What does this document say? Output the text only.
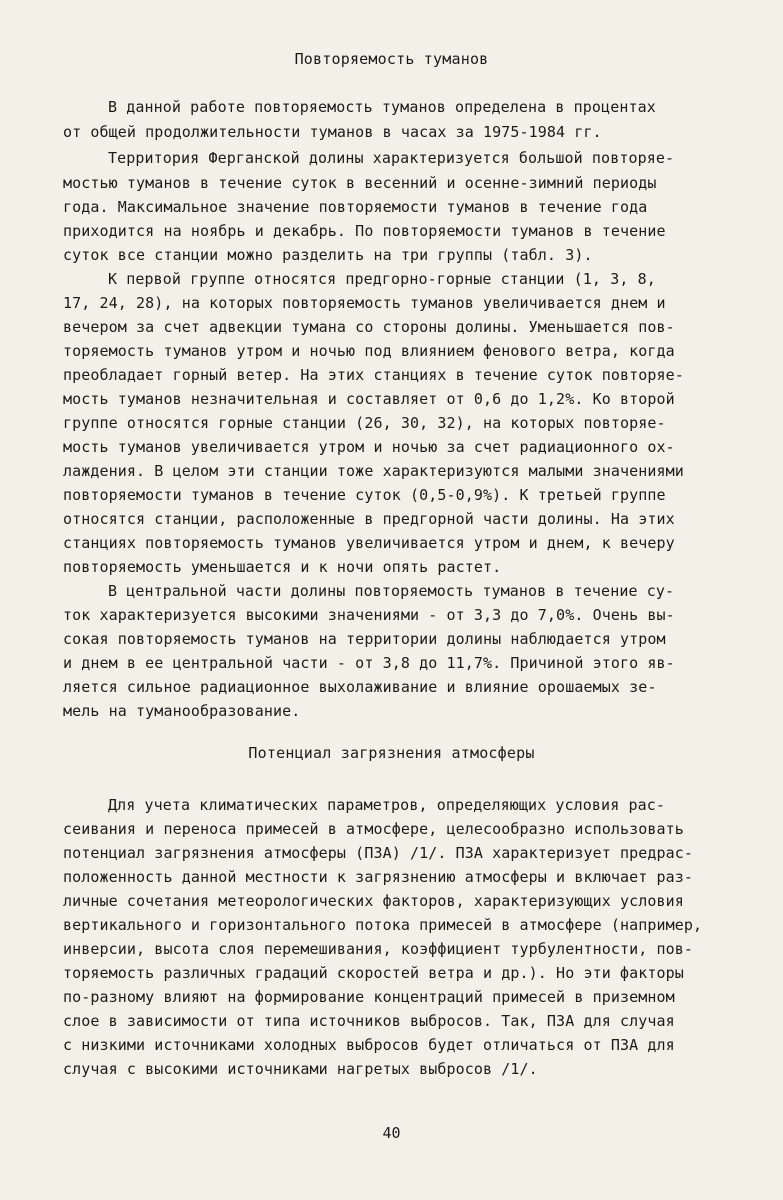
Повторяемость туманов
В данной работе повторяемость туманов определена в процентах
от общей продолжительности туманов в часах за 1975-1984 гг.
Территория Ферганской долины характеризуется большой повторяе-
мостью туманов в течение суток в весенний и осенне-зимний периоды
года. Максимальное значение повторяемости туманов в течение года
приходится на ноябрь и декабрь. По повторяемости туманов в течение
суток все станции можно разделить на три группы (табл. 3).
К первой группе относятся предгорно-горные станции (1, 3, 8,
17, 24, 28), на которых повторяемость туманов увеличивается днем и
вечером за счет адвекции тумана со стороны долины. Уменьшается пов-
торяемость туманов утром и ночью под влиянием фенового ветра, когда
преобладает горный ветер. На этих станциях в течение суток повторяе-
мость туманов незначительная и составляет от 0,6 до 1,2%. Ко второй
группе относятся горные станции (26, 30, 32), на которых повторяе-
мость туманов увеличивается утром и ночью за счет радиационного ох-
лаждения. В целом эти станции тоже характеризуются малыми значениями
повторяемости туманов в течение суток (0,5-0,9%). К третьей группе
относятся станции, расположенные в предгорной части долины. На этих
станциях повторяемость туманов увеличивается утром и днем, к вечеру
повторяемость уменьшается и к ночи опять растет.
В центральной части долины повторяемость туманов в течение су-
ток характеризуется высокими значениями - от 3,3 до 7,0%. Очень вы-
сокая повторяемость туманов на территории долины наблюдается утром
и днем в ее центральной части - от 3,8 до 11,7%. Причиной этого яв-
ляется сильное радиационное выхолаживание и влияние орошаемых зе-
мель на туманообразование.
Потенциал загрязнения атмосферы
Для учета климатических параметров, определяющих условия рас-
сеивания и переноса примесей в атмосфере, целесообразно использовать
потенциал загрязнения атмосферы (ПЗА) /1/. ПЗА характеризует предрас-
положенность данной местности к загрязнению атмосферы и включает раз-
личные сочетания метеорологических факторов, характеризующих условия
вертикального и горизонтального потока примесей в атмосфере (например,
инверсии, высота слоя перемешивания, коэффициент турбулентности, пов-
торяемость различных градаций скоростей ветра и др.). Но эти факторы
по-разному влияют на формирование концентраций примесей в приземном
слое в зависимости от типа источников выбросов. Так, ПЗА для случая
с низкими источниками холодных выбросов будет отличаться от ПЗА для
случая с высокими источниками нагретых выбросов /1/.
40
